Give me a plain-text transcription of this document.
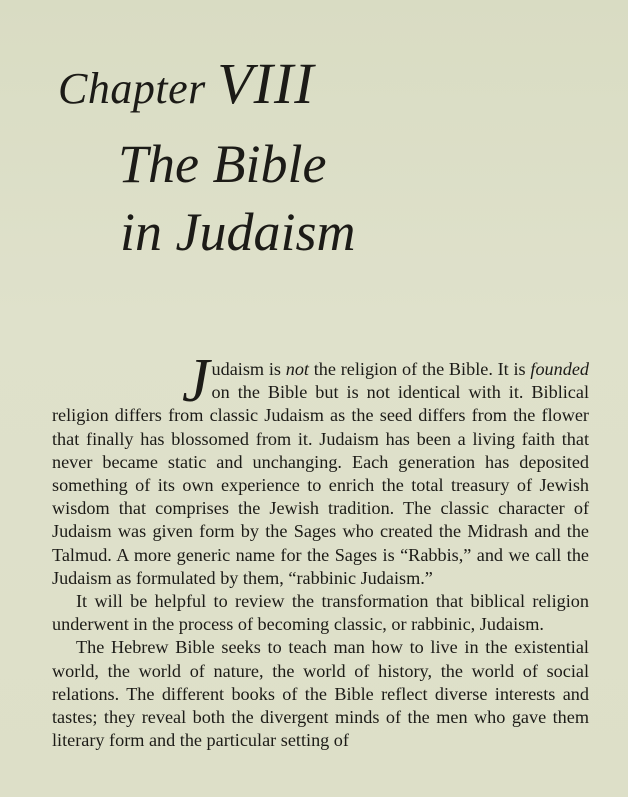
Chapter VIII
The Bible
in Judaism

Judaism is not the religion of the Bible. It is founded on the Bible but is not identical with it. Biblical religion differs from classic Judaism as the seed differs from the flower that finally has blossomed from it. Judaism has been a living faith that never became static and unchanging. Each generation has deposited something of its own experience to enrich the total treasury of Jewish wisdom that comprises the Jewish tradition. The classic character of Judaism was given form by the Sages who created the Midrash and the Talmud. A more generic name for the Sages is “Rabbis,” and we call the Judaism as formulated by them, “rabbinic Judaism.”

It will be helpful to review the transformation that biblical religion underwent in the process of becoming classic, or rabbinic, Judaism.

The Hebrew Bible seeks to teach man how to live in the existential world, the world of nature, the world of history, the world of social relations. The different books of the Bible reflect diverse interests and tastes; they reveal both the divergent minds of the men who gave them literary form and the particular setting of
